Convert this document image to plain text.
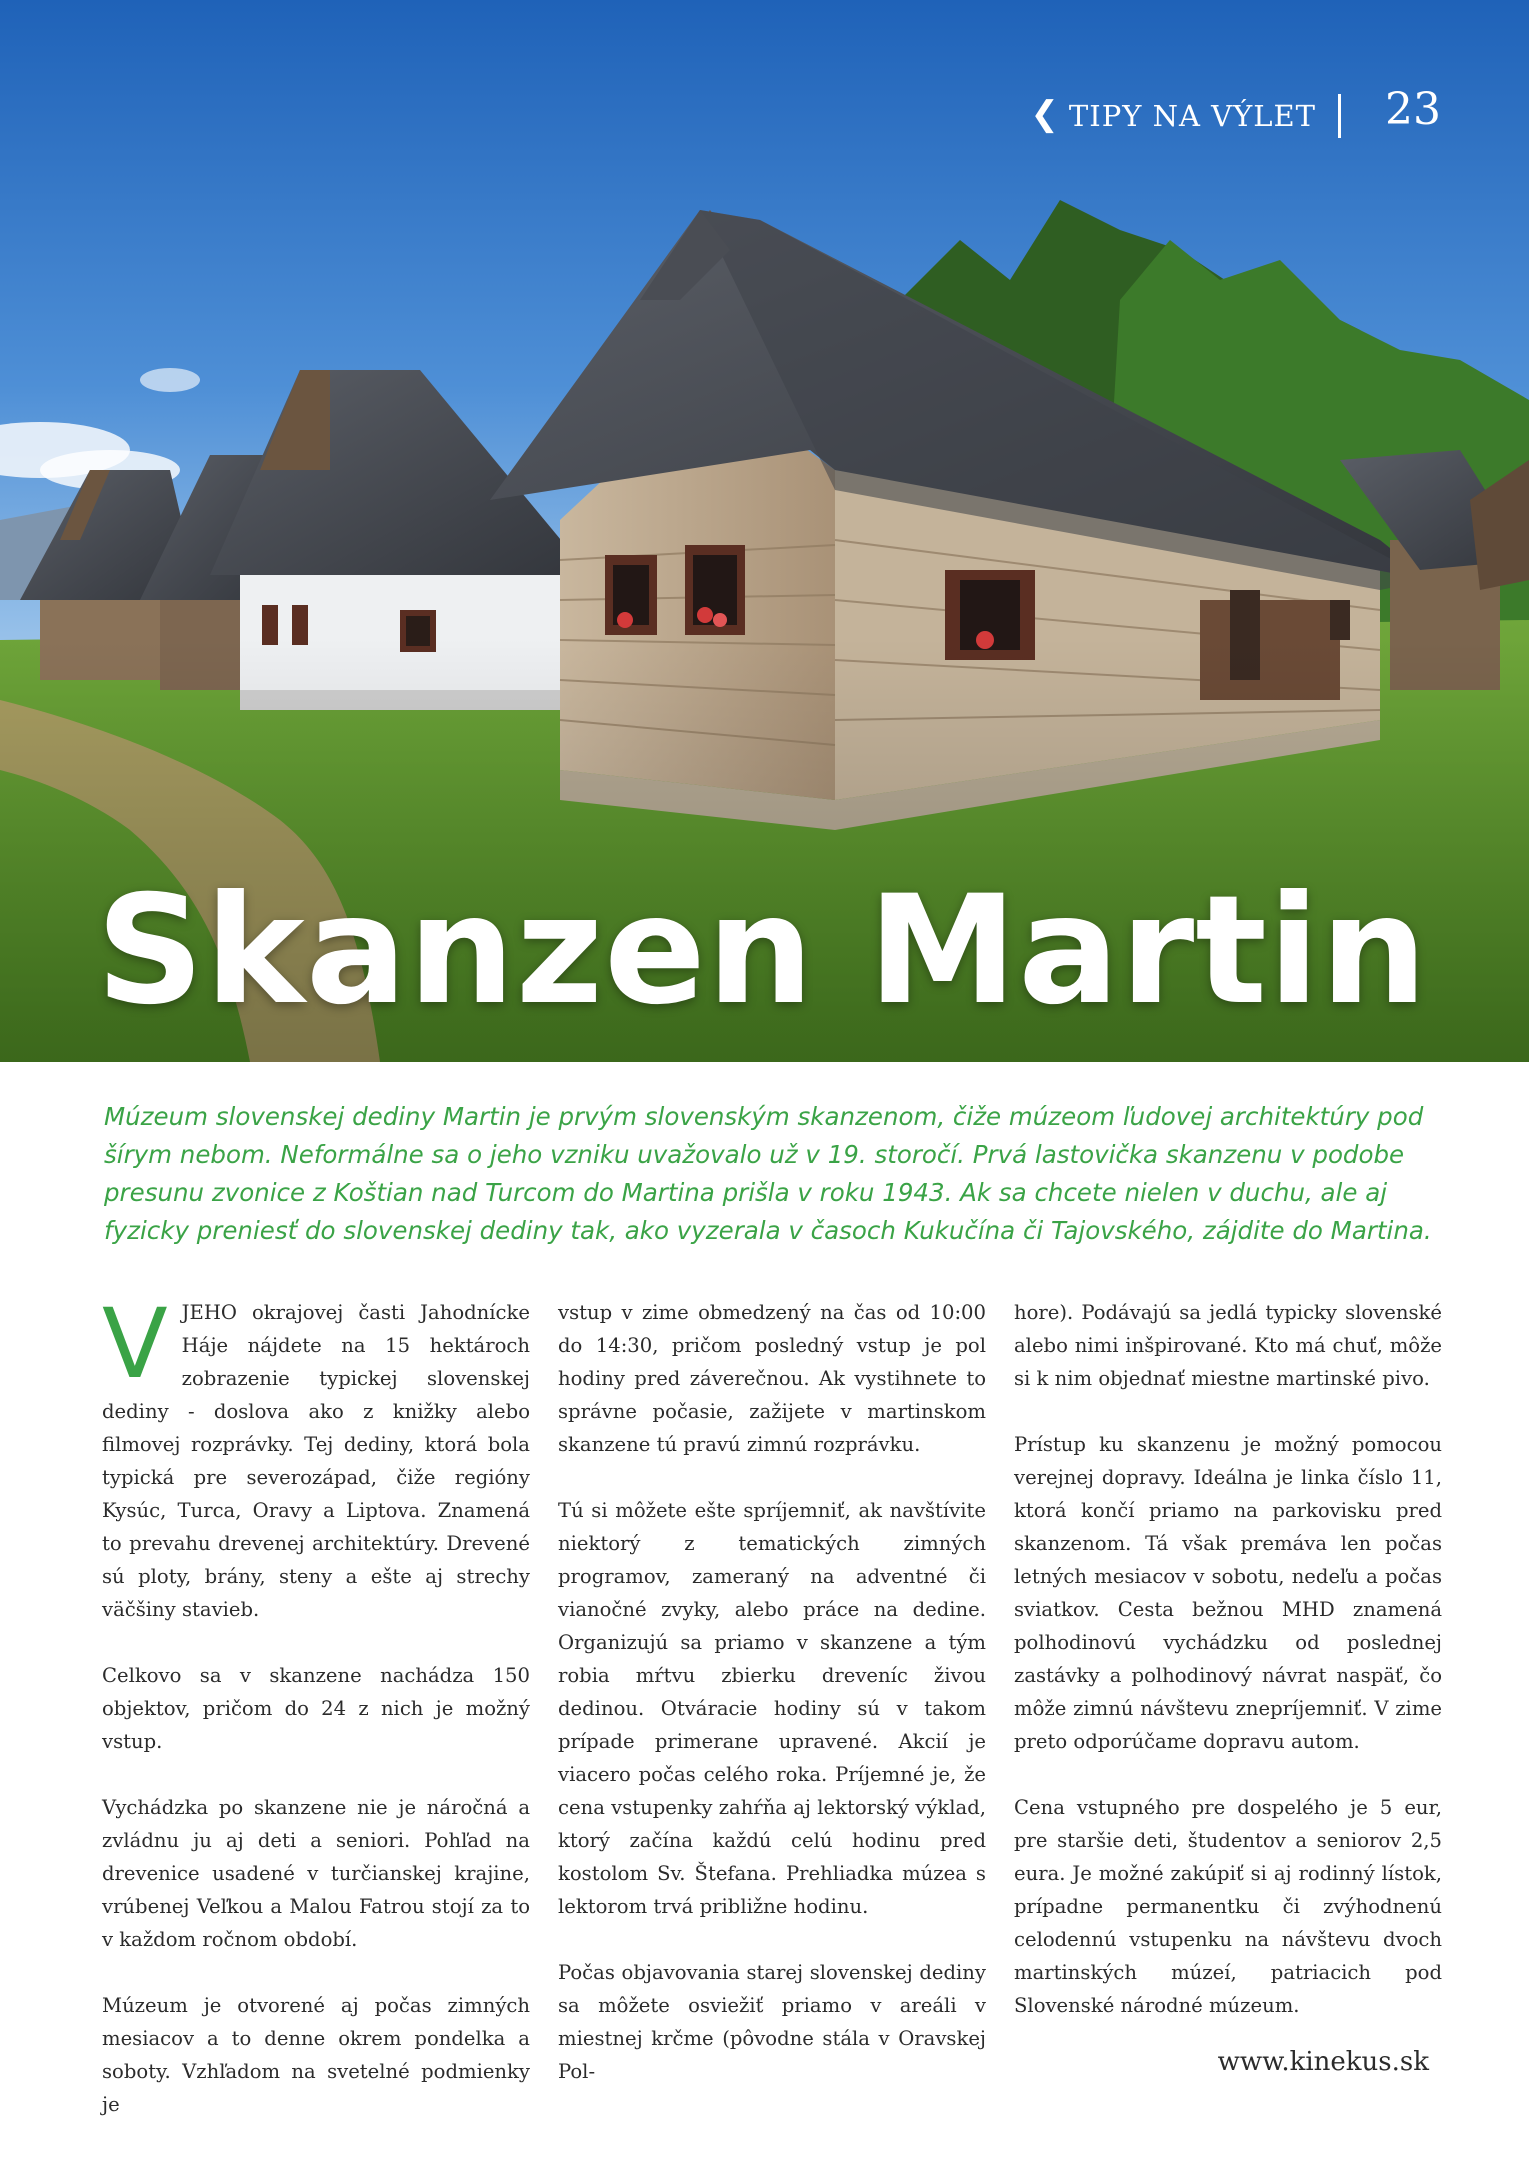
❮ TIPY NA VÝLET 23
Skanzen Martin

Múzeum slovenskej dediny Martin je prvým slovenským skanzenom, čiže múzeom ľudovej architektúry pod šírym nebom. Neformálne sa o jeho vzniku uvažovalo už v 19. storočí. Prvá lastovička skanzenu v podobe presunu zvonice z Koštian nad Turcom do Martina prišla v roku 1943. Ak sa chcete nielen v duchu, ale aj fyzicky preniesť do slovenskej dediny tak, ako vyzerala v časoch Kukučína či Tajovského, zájdite do Martina.

VJEHO okrajovej časti Jahodnícke Háje nájdete na 15 hektároch zobrazenie typickej slovenskej dediny - doslova ako z knižky alebo filmovej rozprávky. Tej dediny, ktorá bola typická pre severozápad, čiže regióny Kysúc, Turca, Oravy a Liptova. Znamená to prevahu drevenej architektúry. Drevené sú ploty, brány, steny a ešte aj strechy väčšiny stavieb.

Celkovo sa v skanzene nachádza 150 objektov, pričom do 24 z nich je možný vstup.

Vychádzka po skanzene nie je náročná a zvládnu ju aj deti a seniori. Pohľad na drevenice usadené v turčianskej krajine, vrúbenej Veľkou a Malou Fatrou stojí za to v každom ročnom období.

Múzeum je otvorené aj počas zimných mesiacov a to denne okrem pondelka a soboty. Vzhľadom na svetelné podmienky je

vstup v zime obmedzený na čas od 10:00 do 14:30, pričom posledný vstup je pol hodiny pred záverečnou. Ak vystihnete to správne počasie, zažijete v martinskom skanzene tú pravú zimnú rozprávku.

Tú si môžete ešte spríjemniť, ak navštívite niektorý z tematických zimných programov, zameraný na adventné či vianočné zvyky, alebo práce na dedine. Organizujú sa priamo v skanzene a tým robia mŕtvu zbierku dreveníc živou dedinou. Otváracie hodiny sú v takom prípade primerane upravené. Akcií je viacero počas celého roka. Príjemné je, že cena vstupenky zahŕňa aj lektorský výklad, ktorý začína každú celú hodinu pred kostolom Sv. Štefana. Prehliadka múzea s lektorom trvá približne hodinu.

Počas objavovania starej slovenskej dediny sa môžete osviežiť priamo v areáli v miestnej krčme (pôvodne stála v Oravskej Pol-

hore). Podávajú sa jedlá typicky slovenské alebo nimi inšpirované. Kto má chuť, môže si k nim objednať miestne martinské pivo.

Prístup ku skanzenu je možný pomocou verejnej dopravy. Ideálna je linka číslo 11, ktorá končí priamo na parkovisku pred skanzenom. Tá však premáva len počas letných mesiacov v sobotu, nedeľu a počas sviatkov. Cesta bežnou MHD znamená polhodinovú vychádzku od poslednej zastávky a polhodinový návrat naspäť, čo môže zimnú návštevu znepríjemniť. V zime preto odporúčame dopravu autom.

Cena vstupného pre dospelého je 5 eur, pre staršie deti, študentov a seniorov 2,5 eura. Je možné zakúpiť si aj rodinný lístok, prípadne permanentku či zvýhodnenú celodennú vstupenku na návštevu dvoch martinských múzeí, patriacich pod Slovenské národné múzeum.

www.kinekus.sk
